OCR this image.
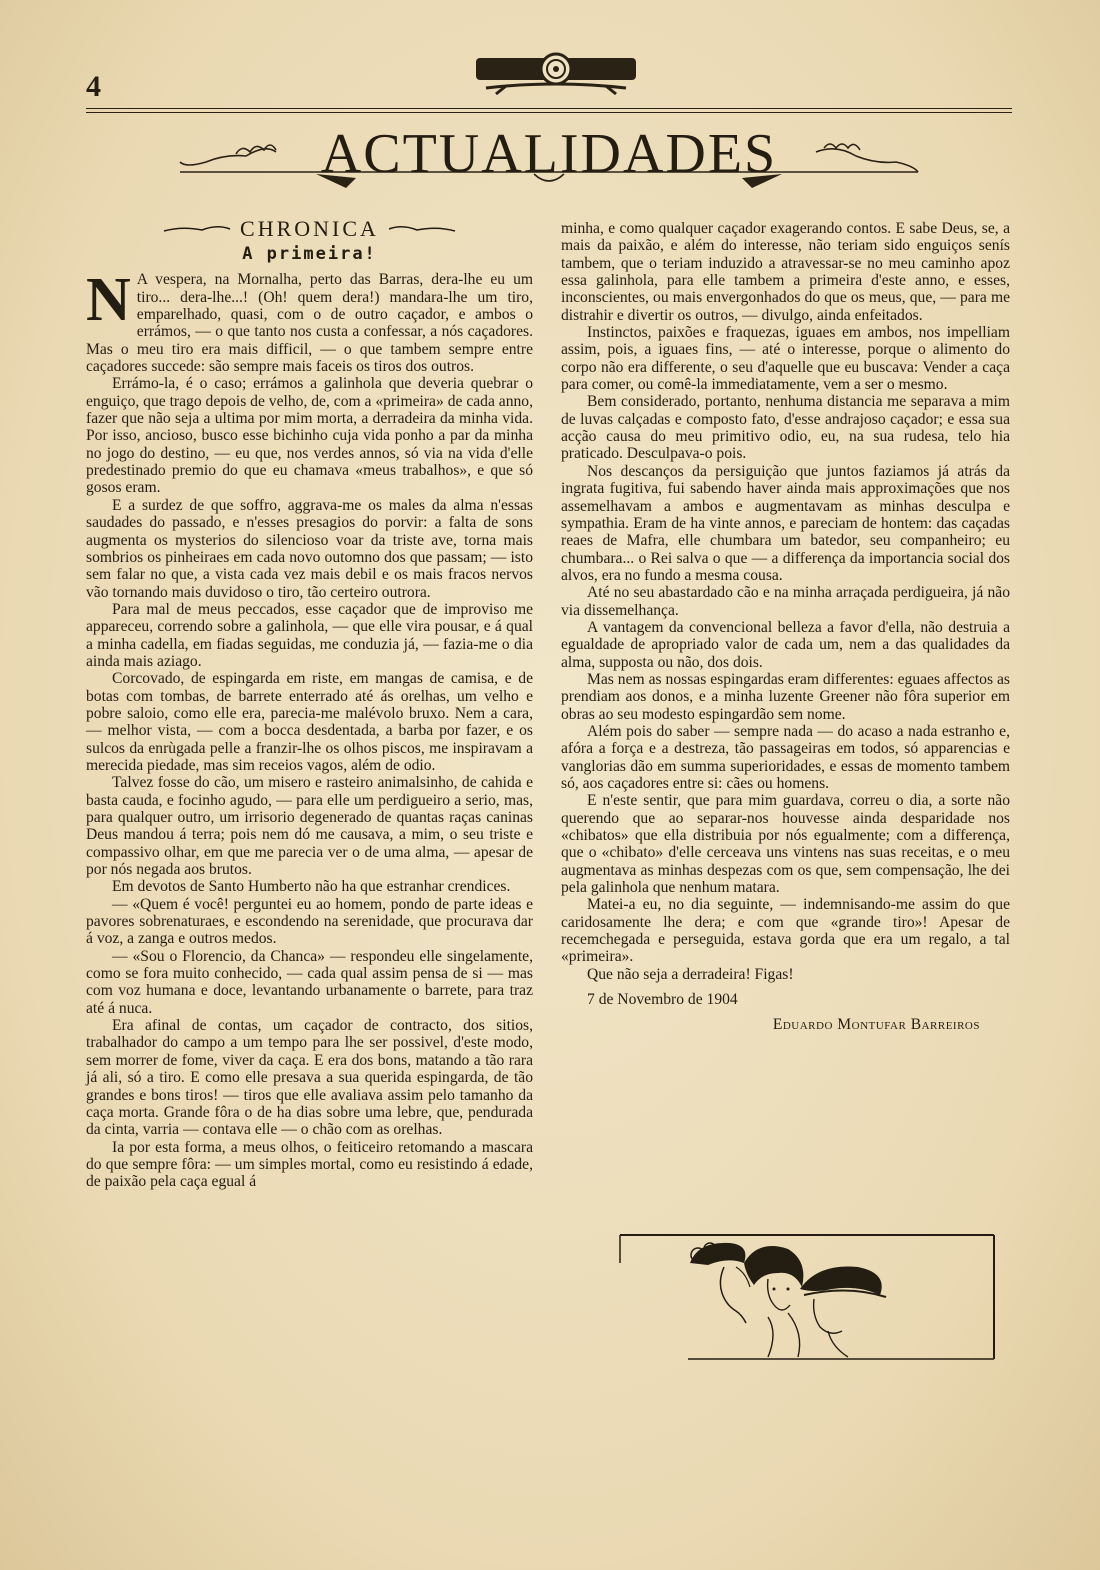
4
ACTUALIDADES
CHRONICA
A primeira!

N A vespera, na Mornalha, perto das Barras, dera-lhe eu um tiro... dera-lhe...! (Oh! quem dera!) mandara-lhe um tiro, emparelhado, quasi, com o de outro caçador, e ambos o errámos, — o que tanto nos custa a confessar, a nós caçadores. Mas o meu tiro era mais difficil, — o que tambem sempre entre caçadores succede: são sempre mais faceis os tiros dos outros.

Errámo-la, é o caso; errámos a galinhola que deveria quebrar o enguiço, que trago depois de velho, de, com a «primeira» de cada anno, fazer que não seja a ultima por mim morta, a derradeira da minha vida. Por isso, ancioso, busco esse bichinho cuja vida ponho a par da minha no jogo do destino, — eu que, nos verdes annos, só via na vida d'elle predestinado premio do que eu chamava «meus trabalhos», e que só gosos eram.

E a surdez de que soffro, aggrava-me os males da alma n'essas saudades do passado, e n'esses presagios do porvir: a falta de sons augmenta os mysterios do silencioso voar da triste ave, torna mais sombrios os pinheiraes em cada novo outomno dos que passam; — isto sem falar no que, a vista cada vez mais debil e os mais fracos nervos vão tornando mais duvidoso o tiro, tão certeiro outrora.

Para mal de meus peccados, esse caçador que de improviso me appareceu, correndo sobre a galinhola, — que elle vira pousar, e á qual a minha cadella, em fiadas seguidas, me conduzia já, — fazia-me o dia ainda mais aziago.

Corcovado, de espingarda em riste, em mangas de camisa, e de botas com tombas, de barrete enterrado até ás orelhas, um velho e pobre saloio, como elle era, parecia-me malévolo bruxo. Nem a cara, — melhor vista, — com a bocca desdentada, a barba por fazer, e os sulcos da enrùgada pelle a franzir-lhe os olhos piscos, me inspiravam a merecida piedade, mas sim receios vagos, além de odio.

Talvez fosse do cão, um misero e rasteiro animalsinho, de cahida e basta cauda, e focinho agudo, — para elle um perdigueiro a serio, mas, para qualquer outro, um irrisorio degenerado de quantas raças caninas Deus mandou á terra; pois nem dó me causava, a mim, o seu triste e compassivo olhar, em que me parecia ver o de uma alma, — apesar de por nós negada aos brutos.

Em devotos de Santo Humberto não ha que estranhar crendices.

— «Quem é você! perguntei eu ao homem, pondo de parte ideas e pavores sobrenaturaes, e escondendo na serenidade, que procurava dar á voz, a zanga e outros medos.

— «Sou o Florencio, da Chanca» — respondeu elle singelamente, como se fora muito conhecido, — cada qual assim pensa de si — mas com voz humana e doce, levantando urbanamente o barrete, para traz até á nuca.

Era afinal de contas, um caçador de contracto, dos sitios, trabalhador do campo a um tempo para lhe ser possivel, d'este modo, sem morrer de fome, viver da caça. E era dos bons, matando a tão rara já ali, só a tiro. E como elle presava a sua querida espingarda, de tão grandes e bons tiros! — tiros que elle avaliava assim pelo tamanho da caça morta. Grande fôra o de ha dias sobre uma lebre, que, pendurada da cinta, varria — contava elle — o chão com as orelhas.

Ia por esta forma, a meus olhos, o feiticeiro retomando a mascara do que sempre fôra: — um simples mortal, como eu resistindo á edade, de paixão pela caça egual á

minha, e como qualquer caçador exagerando contos. E sabe Deus, se, a mais da paixão, e além do interesse, não teriam sido enguiços senís tambem, que o teriam induzido a atravessar-se no meu caminho apoz essa galinhola, para elle tambem a primeira d'este anno, e esses, inconscientes, ou mais envergonhados do que os meus, que, — para me distrahir e divertir os outros, — divulgo, ainda enfeitados.

Instinctos, paixões e fraquezas, iguaes em ambos, nos impelliam assim, pois, a iguaes fins, — até o interesse, porque o alimento do corpo não era differente, o seu d'aquelle que eu buscava: Vender a caça para comer, ou comê-la immediatamente, vem a ser o mesmo.

Bem considerado, portanto, nenhuma distancia me separava a mim de luvas calçadas e composto fato, d'esse andrajoso caçador; e essa sua acção causa do meu primitivo odio, eu, na sua rudesa, telo hia praticado. Desculpava-o pois.

Nos descanços da persiguição que juntos faziamos já atrás da ingrata fugitiva, fui sabendo haver ainda mais approximações que nos assemelhavam a ambos e augmentavam as minhas desculpa e sympathia. Eram de ha vinte annos, e pareciam de hontem: das caçadas reaes de Mafra, elle chumbara um batedor, seu companheiro; eu chumbara... o Rei salva o que — a differença da importancia social dos alvos, era no fundo a mesma cousa.

Até no seu abastardado cão e na minha arraçada perdigueira, já não via dissemelhança.

A vantagem da convencional belleza a favor d'ella, não destruia a egualdade de apropriado valor de cada um, nem a das qualidades da alma, supposta ou não, dos dois.

Mas nem as nossas espingardas eram differentes: eguaes affectos as prendiam aos donos, e a minha luzente Greener não fôra superior em obras ao seu modesto espingardão sem nome.

Além pois do saber — sempre nada — do acaso a nada estranho e, afóra a força e a destreza, tão passageiras em todos, só apparencias e vanglorias dão em summa superioridades, e essas de momento tambem só, aos caçadores entre si: cães ou homens.

E n'este sentir, que para mim guardava, correu o dia, a sorte não querendo que ao separar-nos houvesse ainda desparidade nos «chibatos» que ella distribuia por nós egualmente; com a differença, que o «chibato» d'elle cerceava uns vintens nas suas receitas, e o meu augmentava as minhas despezas com os que, sem compensação, lhe dei pela galinhola que nenhum matara.

Matei-a eu, no dia seguinte, — indemnisando-me assim do que caridosamente lhe dera; e com que «grande tiro»! Apesar de recemchegada e perseguida, estava gorda que era um regalo, a tal «primeira».

Que não seja a derradeira! Figas!

7 de Novembro de 1904
Eduardo Montufar Barreiros
